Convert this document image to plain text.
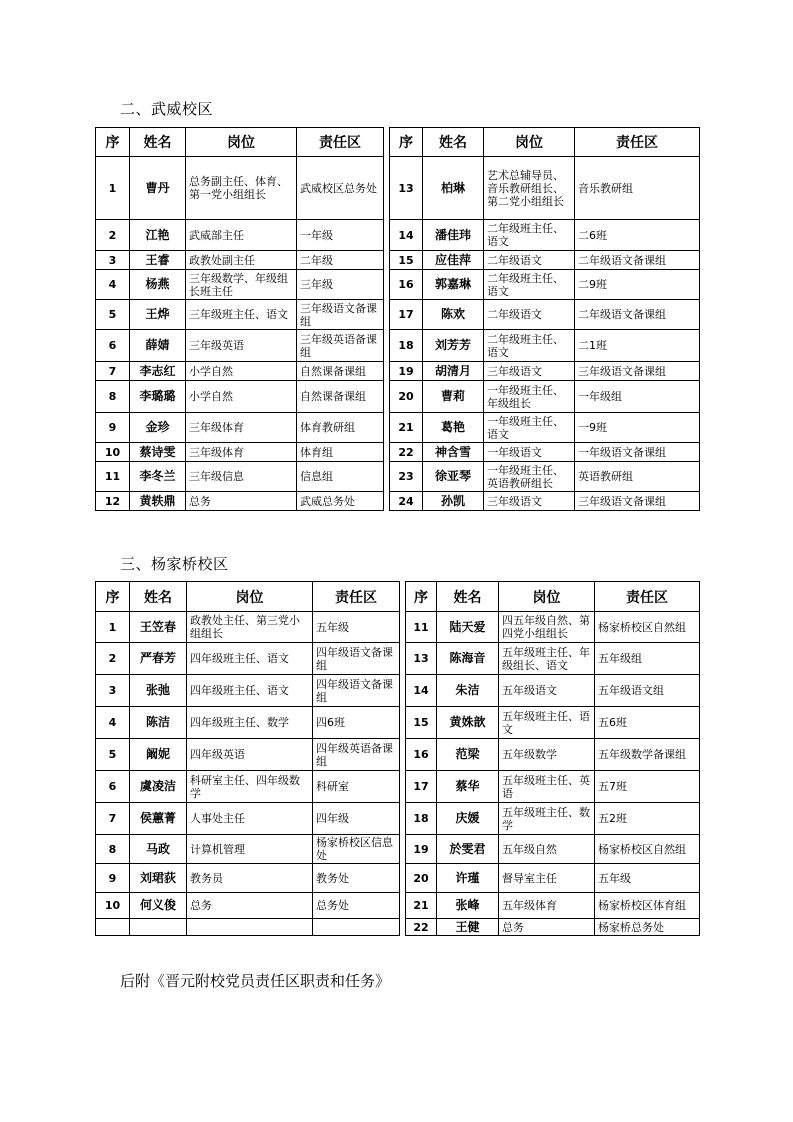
二、武威校区
序	姓名	岗位	责任区		序	姓名	岗位	责任区
1	曹丹	总务副主任、体育、第一党小组组长	武威校区总务处		13	柏琳	艺术总辅导员、音乐教研组长、第二党小组组长	音乐教研组
2	江艳	武威部主任	一年级		14	潘佳玮	二年级班主任、语文	二6班
3	王睿	政教处副主任	二年级		15	应佳萍	二年级语文	二年级语文备课组
4	杨燕	三年级数学、年级组长班主任	三年级		16	郭嘉琳	二年级班主任、语文	二9班
5	王烨	三年级班主任、语文	三年级语文备课组		17	陈欢	二年级语文	二年级语文备课组
6	薛婧	三年级英语	三年级英语备课组		18	刘芳芳	二年级班主任、语文	二1班
7	李志红	小学自然	自然课备课组		19	胡清月	三年级语文	三年级语文备课组
8	李璐璐	小学自然	自然课备课组		20	曹莉	一年级班主任、年级组长	一年级组
9	金珍	三年级体育	体育教研组		21	葛艳	一年级班主任、语文	一9班
10	蔡诗雯	三年级体育	体育组		22	神含雪	一年级语文	一年级语文备课组
11	李冬兰	三年级信息	信息组		23	徐亚琴	一年级班主任、英语教研组长	英语教研组
12	黄轶鼎	总务	武威总务处		24	孙凯	三年级语文	三年级语文备课组
三、杨家桥校区
序	姓名	岗位	责任区		序	姓名	岗位	责任区
1	王笠春	政教处主任、第三党小组组长	五年级		11	陆天爱	四五年级自然、第四党小组组长	杨家桥校区自然组
2	严春芳	四年级班主任、语文	四年级语文备课组		13	陈海音	五年级班主任、年级组长、语文	五年级组
3	张弛	四年级班主任、语文	四年级语文备课组		14	朱洁	五年级语文	五年级语文组
4	陈洁	四年级班主任、数学	四6班		15	黄姝歆	五年级班主任、语文	五6班
5	阚妮	四年级英语	四年级英语备课组		16	范梁	五年级数学	五年级数学备课组
6	虞凌洁	科研室主任、四年级数学	科研室		17	蔡华	五年级班主任、英语	五7班
7	侯蕙菁	人事处主任	四年级		18	庆媛	五年级班主任、数学	五2班
8	马政	计算机管理	杨家桥校区信息处		19	於雯君	五年级自然	杨家桥校区自然组
9	刘珺荻	教务员	教务处		20	许瑾	督导室主任	五年级
10	何义俊	总务	总务处		21	张峰	五年级体育	杨家桥校区体育组
					22	王健	总务	杨家桥总务处
后附《晋元附校党员责任区职责和任务》
